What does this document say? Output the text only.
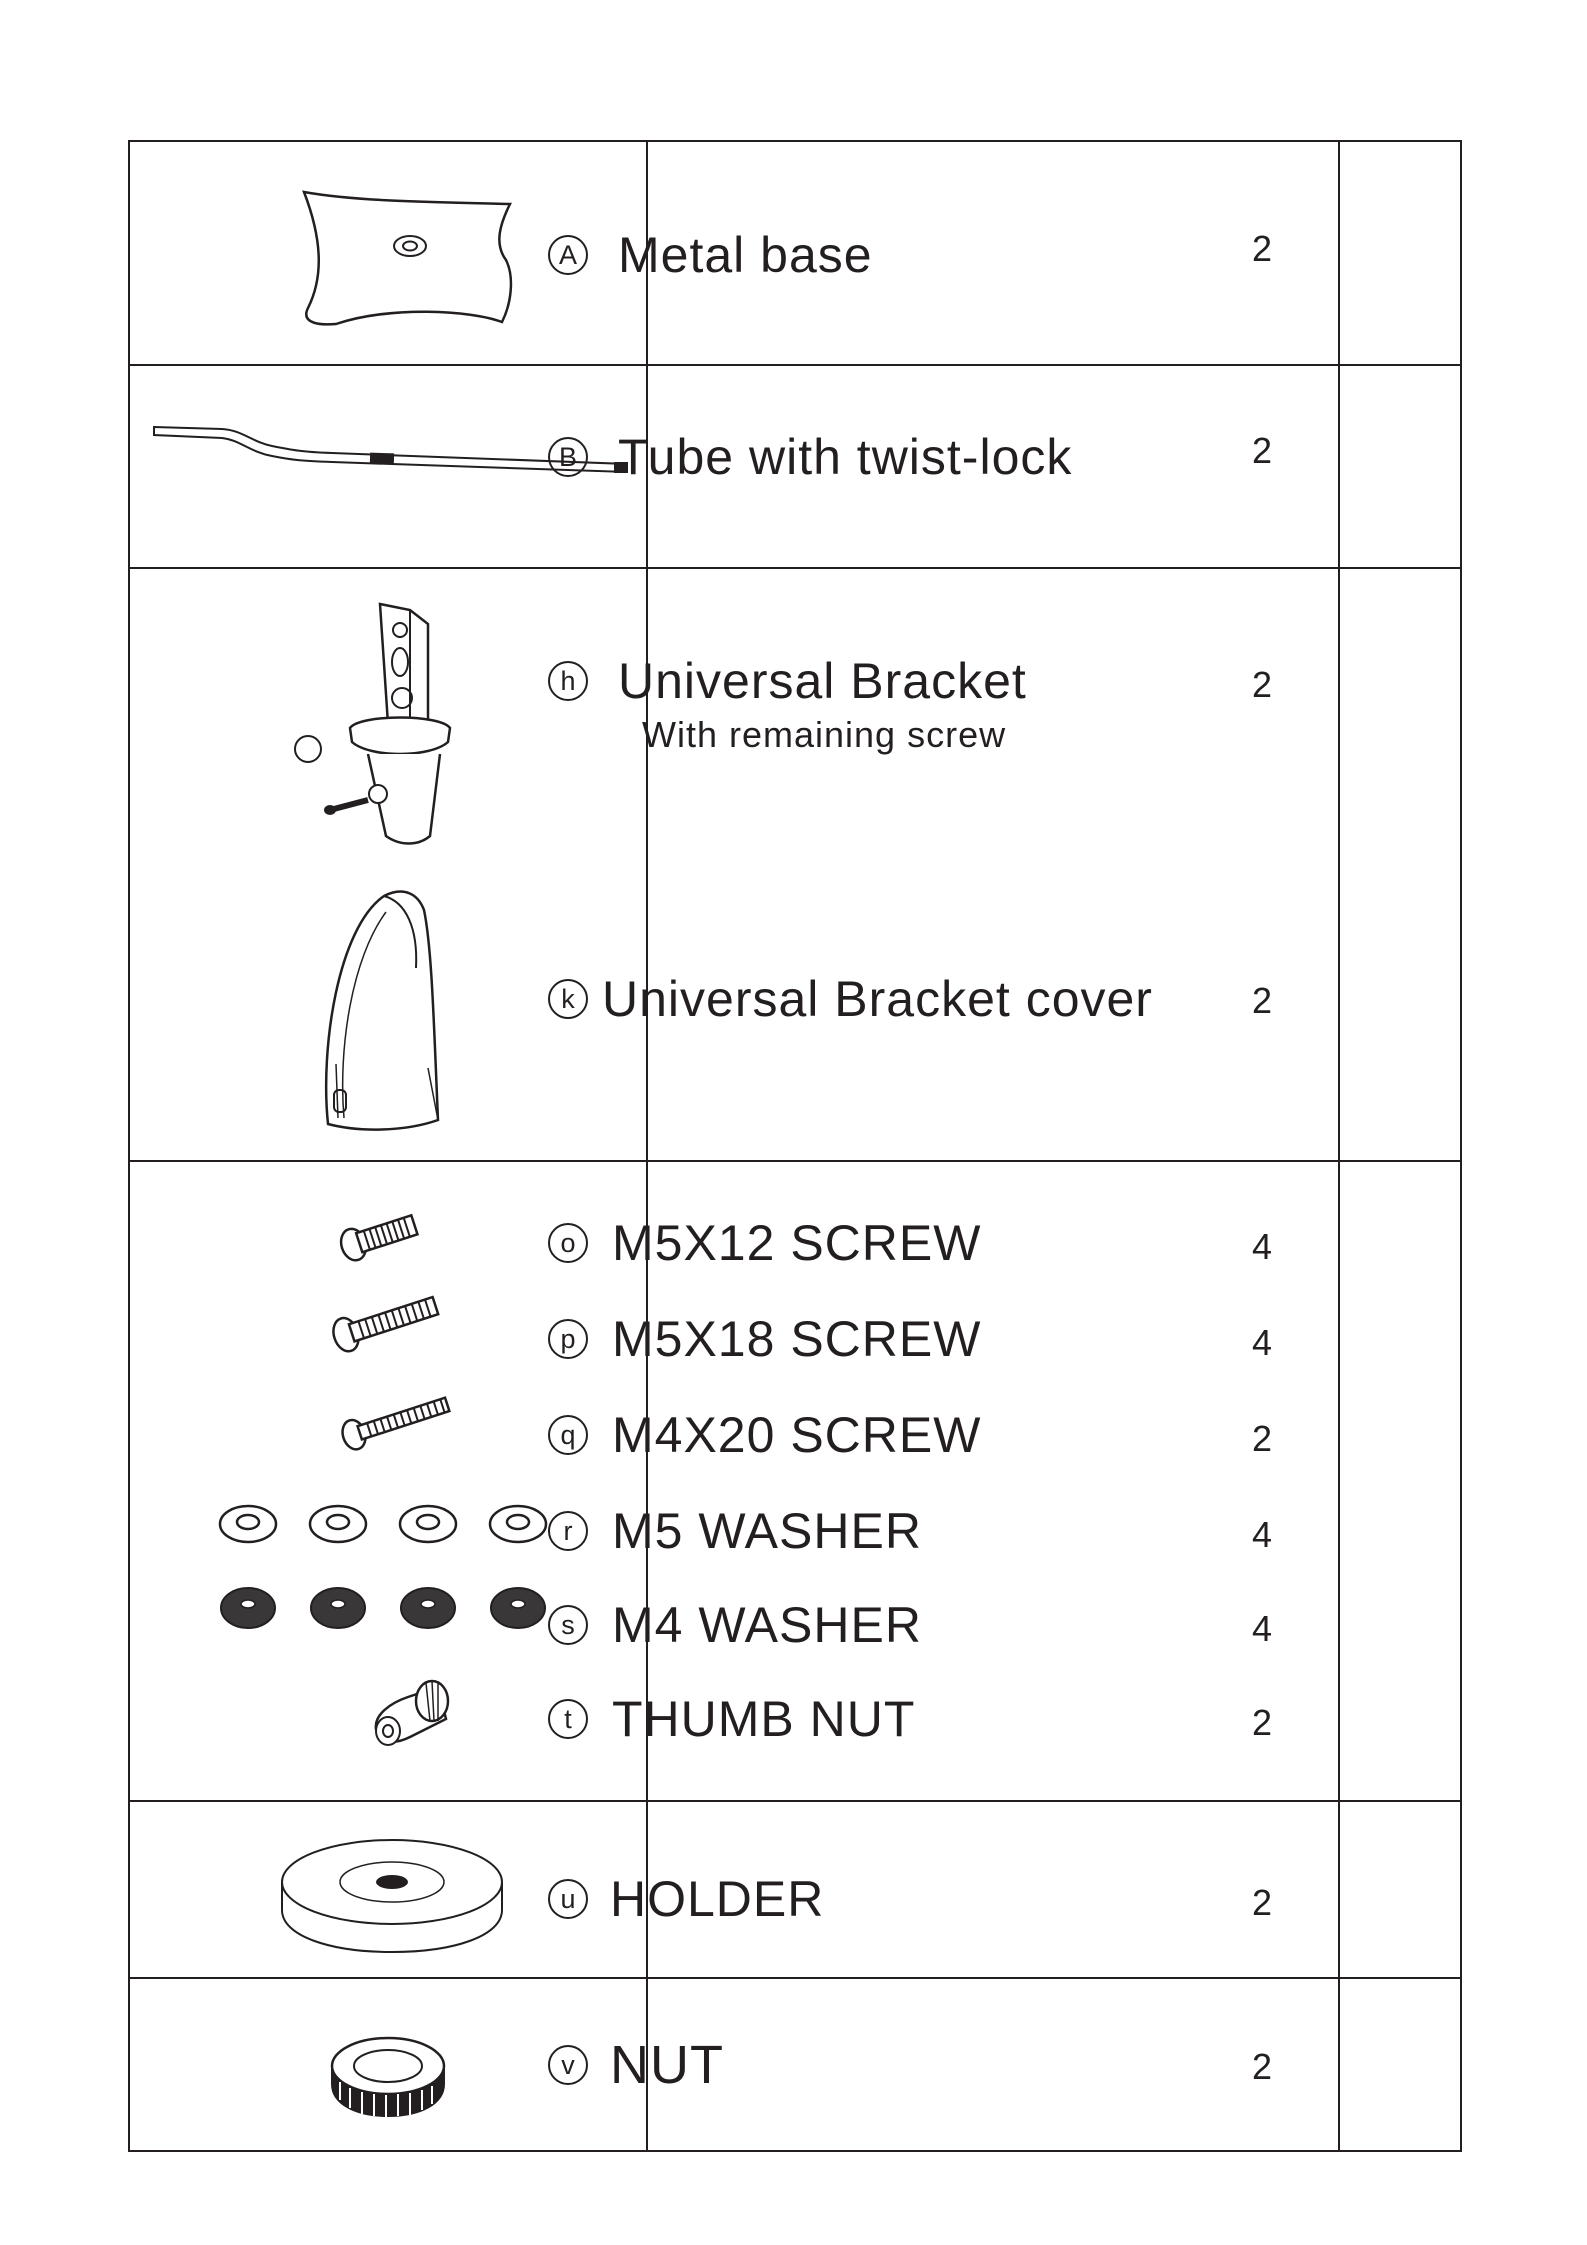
A Metal base	2
B Tube with twist-lock	2
h Universal Bracket
With remaining screw
2
k Universal Bracket cover	2
o M5X12 SCREW	4
p M5X18 SCREW	4
q M4X20 SCREW	2
r M5 WASHER	4
s M4 WASHER	4
t THUMB NUT	2
u HOLDER	2
v NUT	2
